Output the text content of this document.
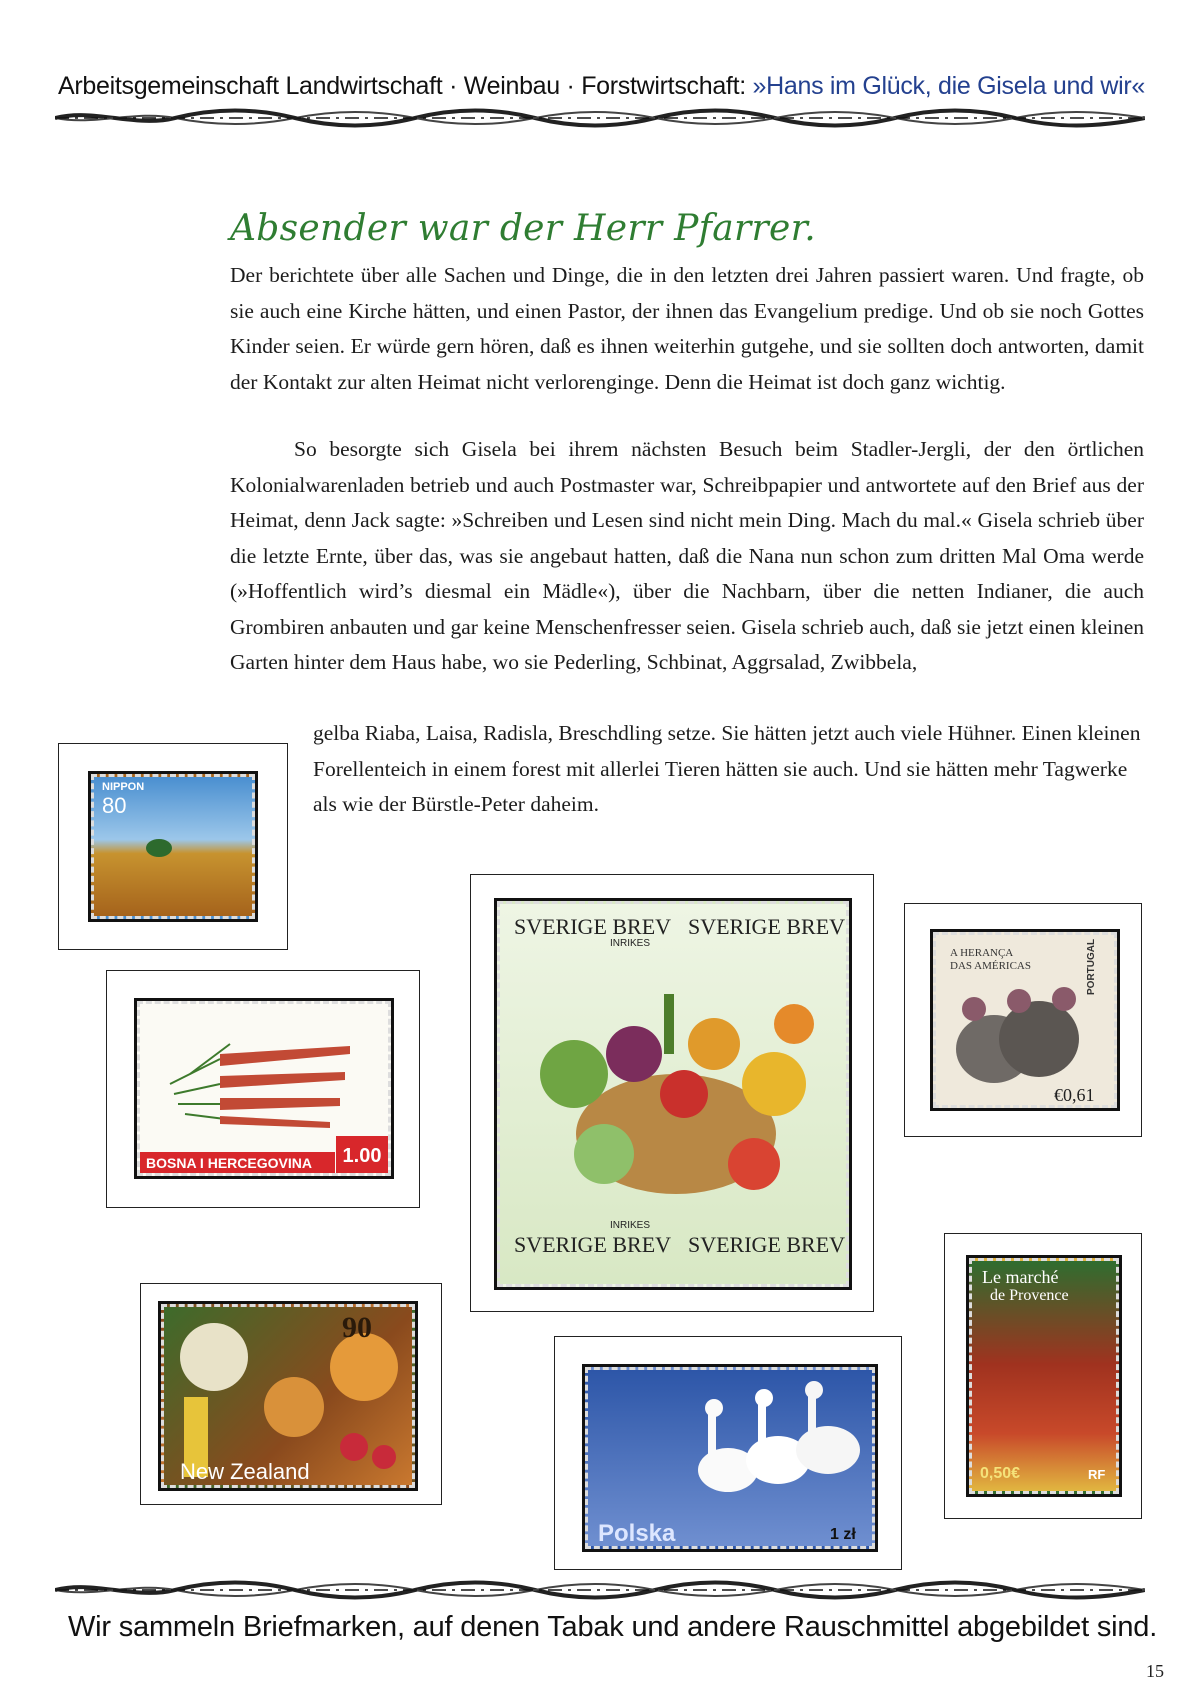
Arbeitsgemeinschaft Landwirtschaft · Weinbau · Forstwirtschaft: »Hans im Glück, die Gisela und wir«
Absender war der Herr Pfarrer.

Der berichtete über alle Sachen und Dinge, die in den letzten drei Jahren passiert waren. Und fragte, ob sie auch eine Kirche hätten, und einen Pastor, der ihnen das Evangelium predige. Und ob sie noch Gottes Kinder seien. Er würde gern hören, daß es ihnen weiterhin gutgehe, und sie sollten doch antworten, damit der Kontakt zur alten Heimat nicht verlorenginge. Denn die Heimat ist doch ganz wichtig.

So besorgte sich Gisela bei ihrem nächsten Besuch beim Stadler-Jergli, der den örtlichen Kolonialwarenladen betrieb und auch Postmaster war, Schreibpapier und antwortete auf den Brief aus der Heimat, denn Jack sagte: »Schreiben und Lesen sind nicht mein Ding. Mach du mal.« Gisela schrieb über die letzte Ernte, über das, was sie angebaut hatten, daß die Nana nun schon zum dritten Mal Oma werde (»Hoffentlich wird’s diesmal ein Mädle«), über die Nachbarn, über die netten Indianer, die auch Grombiren anbauten und gar keine Menschenfresser seien. Gisela schrieb auch, daß sie jetzt einen kleinen Garten hinter dem Haus habe, wo sie Pederling, Schbinat, Aggrsalad, Zwibbela,

gelba Riaba, Laisa, Radisla, Breschdling setze. Sie hätten jetzt auch viele Hühner. Einen kleinen Forellenteich in einem forest mit allerlei Tieren hätten sie auch. Und sie hätten mehr Tagwerke als wie der Bürstle-Peter daheim.

NIPPON
80
BOSNA I HERCEGOVINA	1.00
SVERIGE BREV SVERIGE BREV
INRIKES
INRIKES
SVERIGE BREV SVERIGE BREV
A HERANÇA
DAS AMÉRICAS	PORTUGAL
€0,61
90
New Zealand
Polska	1 zł
Le marché
de Provence
0,50€	RF
Wir sammeln Briefmarken, auf denen Tabak und andere Rauschmittel abgebildet sind.
15
